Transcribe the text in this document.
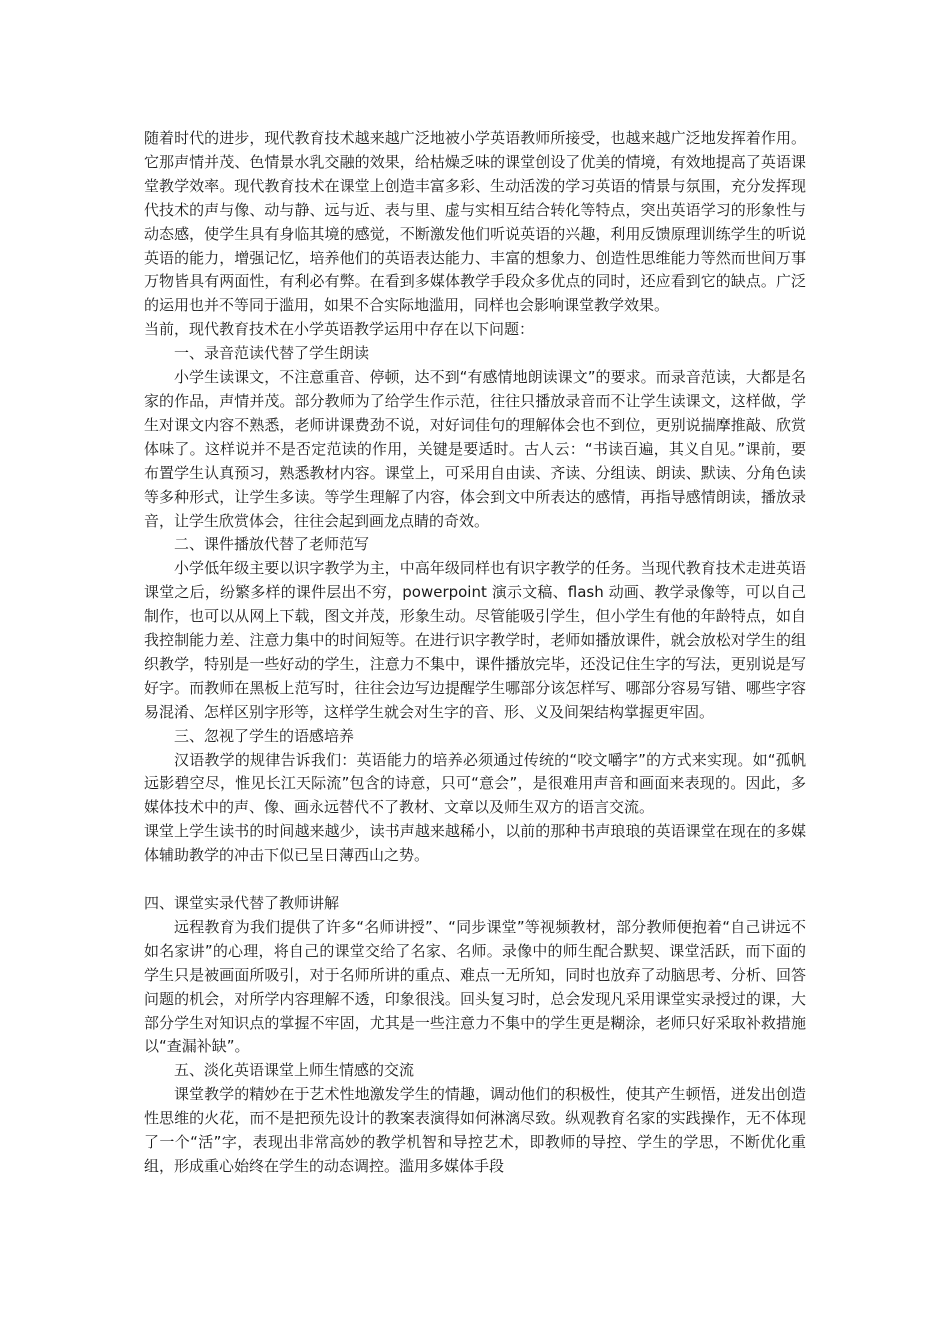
随着时代的进步，现代教育技术越来越广泛地被小学英语教师所接受，也越来越广泛地发挥着作用。它那声情并茂、色情景水乳交融的效果，给枯燥乏味的课堂创设了优美的情境，有效地提高了英语课堂教学效率。现代教育技术在课堂上创造丰富多彩、生动活泼的学习英语的情景与氛围，充分发挥现代技术的声与像、动与静、远与近、表与里、虚与实相互结合转化等特点，突出英语学习的形象性与动态感，使学生具有身临其境的感觉，不断激发他们听说英语的兴趣，利用反馈原理训练学生的听说英语的能力，增强记忆，培养他们的英语表达能力、丰富的想象力、创造性思维能力等然而世间万事万物皆具有两面性，有利必有弊。在看到多媒体教学手段众多优点的同时，还应看到它的缺点。广泛的运用也并不等同于滥用，如果不合实际地滥用，同样也会影响课堂教学效果。

当前，现代教育技术在小学英语教学运用中存在以下问题：

一、录音范读代替了学生朗读

小学生读课文，不注意重音、停顿，达不到“有感情地朗读课文”的要求。而录音范读，大都是名家的作品，声情并茂。部分教师为了给学生作示范，往往只播放录音而不让学生读课文，这样做，学生对课文内容不熟悉，老师讲课费劲不说，对好词佳句的理解体会也不到位，更别说揣摩推敲、欣赏体味了。这样说并不是否定范读的作用，关键是要适时。古人云：“书读百遍，其义自见。”课前，要布置学生认真预习，熟悉教材内容。课堂上，可采用自由读、齐读、分组读、朗读、默读、分角色读等多种形式，让学生多读。等学生理解了内容，体会到文中所表达的感情，再指导感情朗读，播放录音，让学生欣赏体会，往往会起到画龙点睛的奇效。

二、课件播放代替了老师范写

小学低年级主要以识字教学为主，中高年级同样也有识字教学的任务。当现代教育技术走进英语课堂之后，纷繁多样的课件层出不穷，powerpoint 演示文稿、flash 动画、教学录像等，可以自己制作，也可以从网上下载，图文并茂，形象生动。尽管能吸引学生，但小学生有他的年龄特点，如自我控制能力差、注意力集中的时间短等。在进行识字教学时，老师如播放课件，就会放松对学生的组织教学，特别是一些好动的学生，注意力不集中，课件播放完毕，还没记住生字的写法，更别说是写好字。而教师在黑板上范写时，往往会边写边提醒学生哪部分该怎样写、哪部分容易写错、哪些字容易混淆、怎样区别字形等，这样学生就会对生字的音、形、义及间架结构掌握更牢固。

三、忽视了学生的语感培养

汉语教学的规律告诉我们：英语能力的培养必须通过传统的“咬文嚼字”的方式来实现。如“孤帆远影碧空尽，惟见长江天际流”包含的诗意，只可“意会”，是很难用声音和画面来表现的。因此，多媒体技术中的声、像、画永远替代不了教材、文章以及师生双方的语言交流。

课堂上学生读书的时间越来越少，读书声越来越稀小，以前的那种书声琅琅的英语课堂在现在的多媒体辅助教学的冲击下似已呈日薄西山之势。

四、课堂实录代替了教师讲解

远程教育为我们提供了许多“名师讲授”、“同步课堂”等视频教材，部分教师便抱着“自己讲远不如名家讲”的心理，将自己的课堂交给了名家、名师。录像中的师生配合默契、课堂活跃，而下面的学生只是被画面所吸引，对于名师所讲的重点、难点一无所知，同时也放弃了动脑思考、分析、回答问题的机会，对所学内容理解不透，印象很浅。回头复习时，总会发现凡采用课堂实录授过的课，大部分学生对知识点的掌握不牢固，尤其是一些注意力不集中的学生更是糊涂，老师只好采取补救措施以“查漏补缺”。

五、淡化英语课堂上师生情感的交流

课堂教学的精妙在于艺术性地激发学生的情趣，调动他们的积极性，使其产生顿悟，迸发出创造性思维的火花，而不是把预先设计的教案表演得如何淋漓尽致。纵观教育名家的实践操作，无不体现了一个“活”字，表现出非常高妙的教学机智和导控艺术，即教师的导控、学生的学思，不断优化重组，形成重心始终在学生的动态调控。滥用多媒体手段
